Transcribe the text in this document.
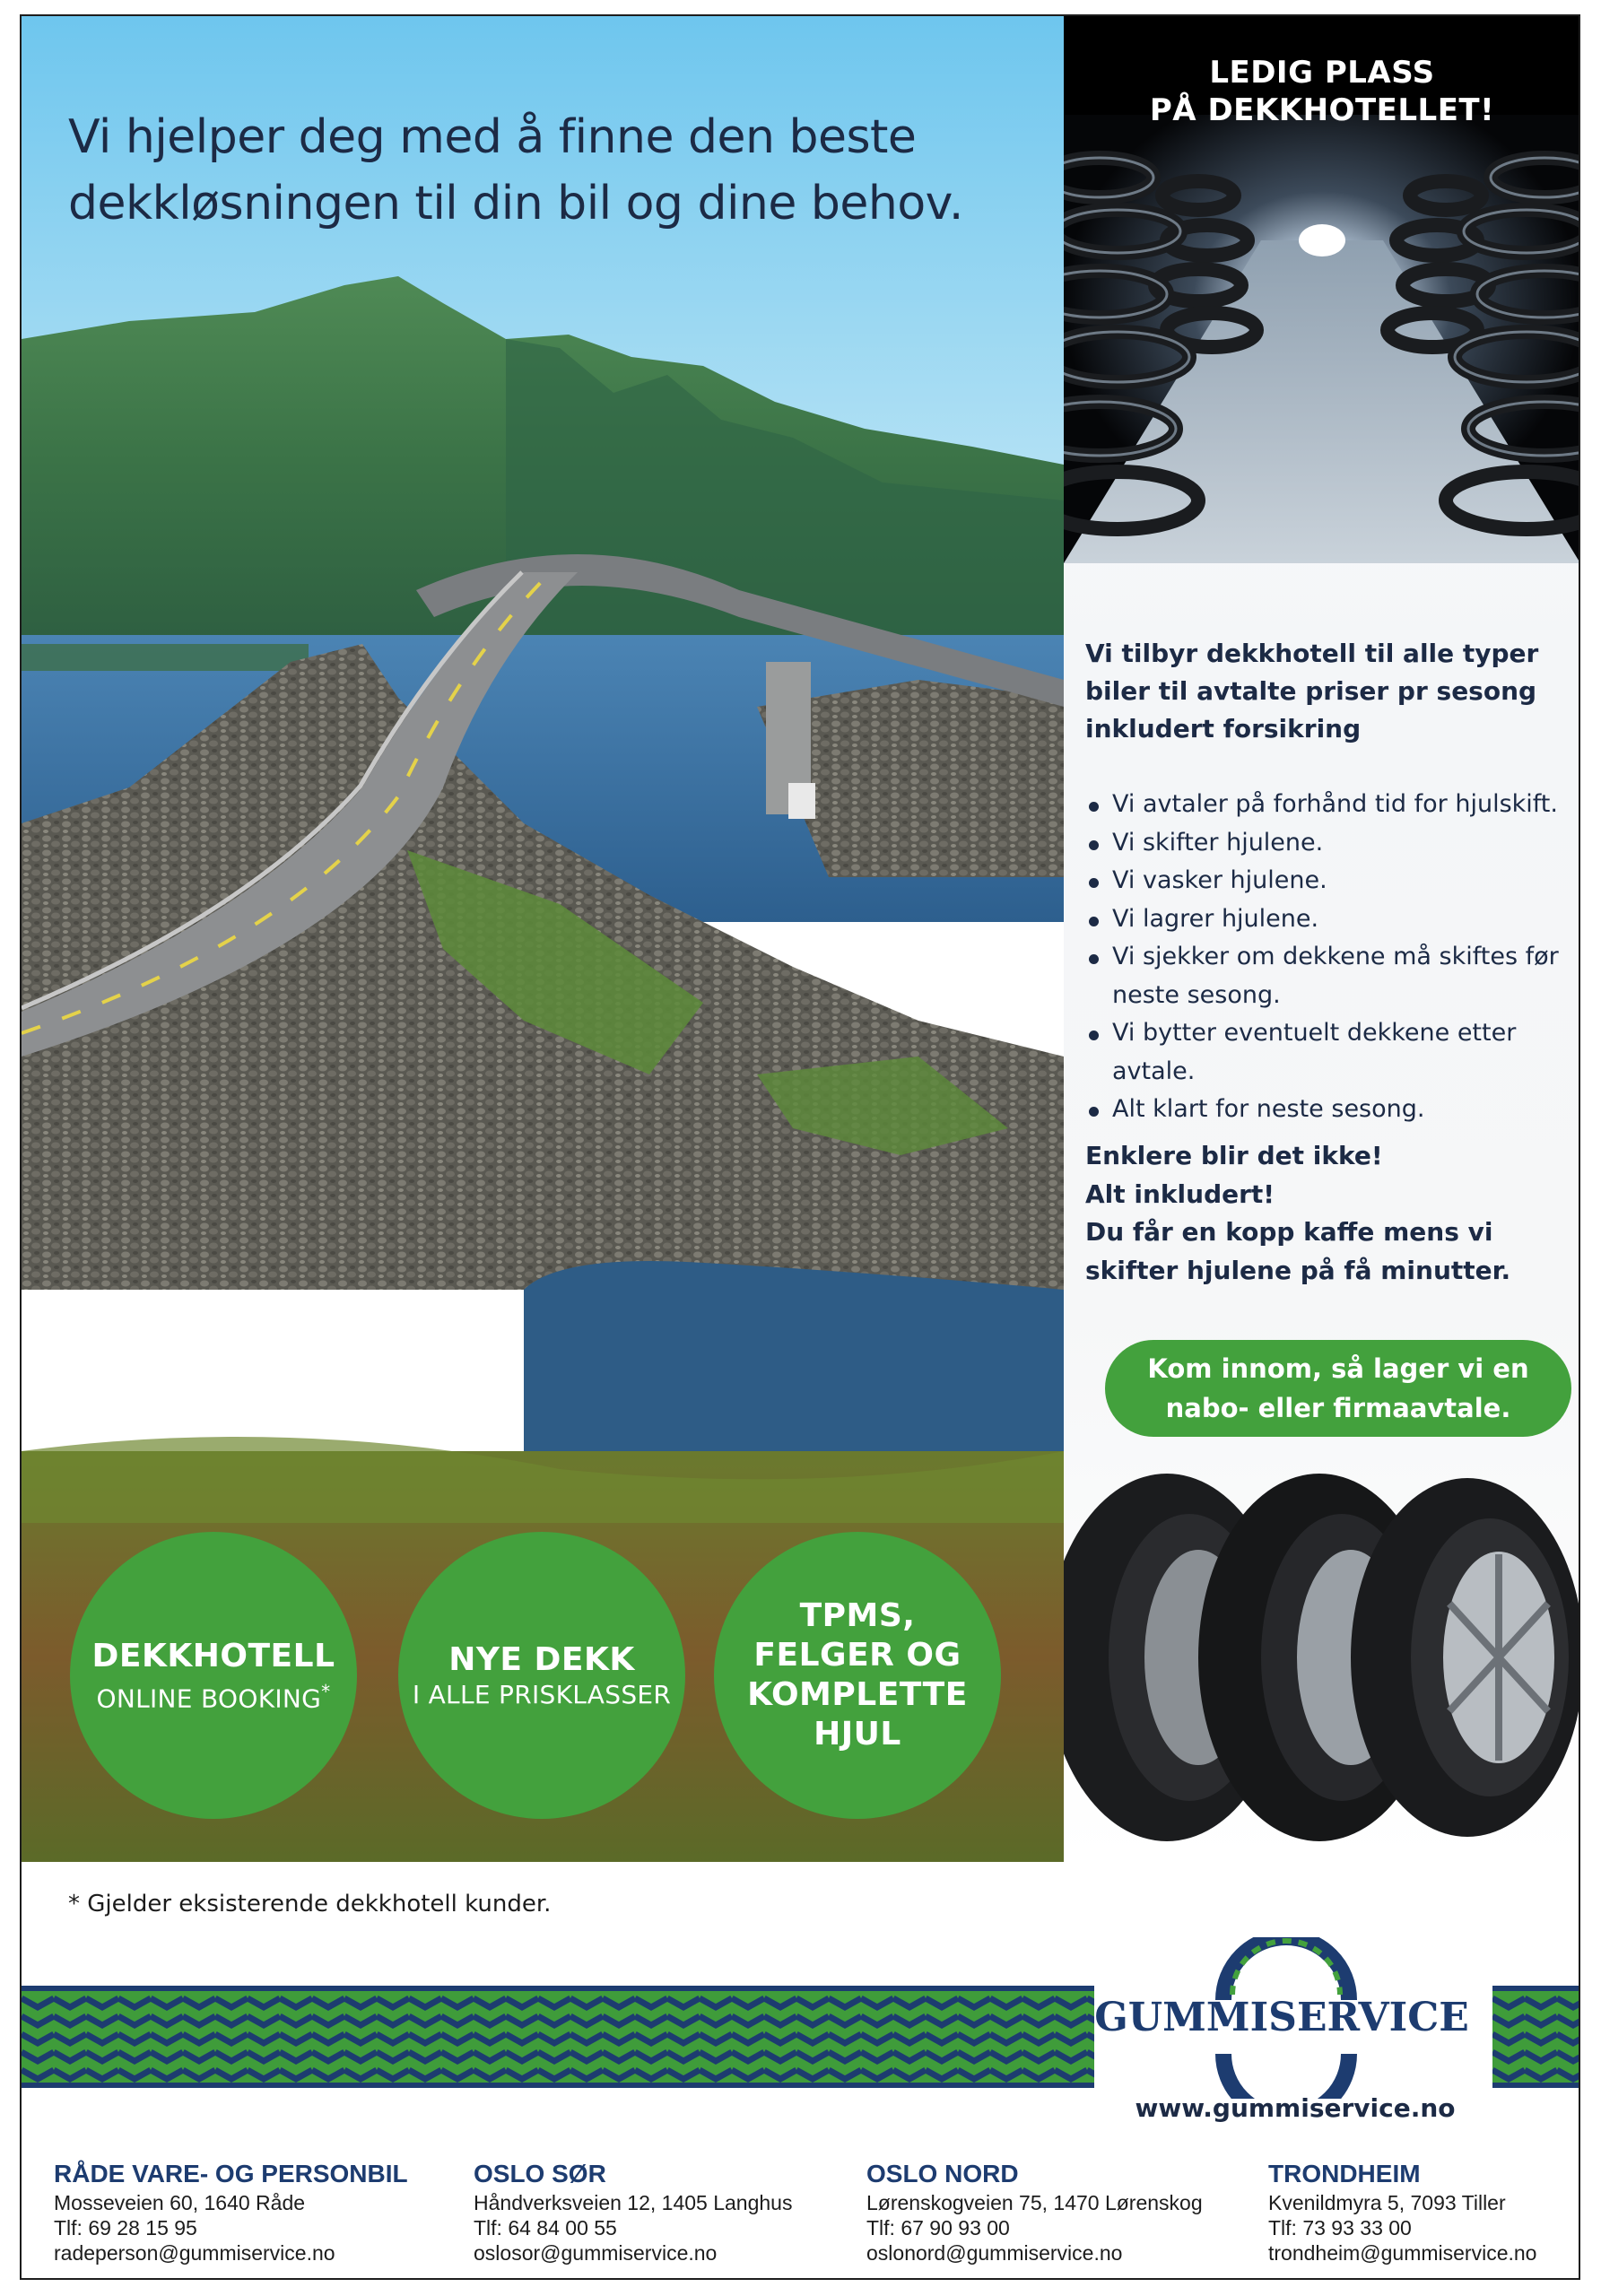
Vi hjelper deg med å finne den beste
dekkløsningen til din bil og dine behov.
DEKKHOTELL
ONLINE BOOKING*
NYE DEKK
I ALLE PRISKLASSER
TPMS,
FELGER OG
KOMPLETTE
HJUL
LEDIG PLASS
PÅ DEKKHOTELLET!
Vi tilbyr dekkhotell til alle typer biler til avtalte priser pr sesong inkludert forsikring
Vi avtaler på forhånd tid for hjulskift.
Vi skifter hjulene.
Vi vasker hjulene.
Vi lagrer hjulene.
Vi sjekker om dekkene må skiftes før neste sesong.
Vi bytter eventuelt dekkene etter avtale.
Alt klart for neste sesong.
Enklere blir det ikke!
Alt inkludert!
Du får en kopp kaffe mens vi
skifter hjulene på få minutter.
Kom innom, så lager vi en
nabo- eller firmaavtale.
* Gjelder eksisterende dekkhotell kunder.
GUMMISERVICE
www.gummiservice.no
RÅDE VARE- OG PERSONBIL
Mosseveien 60, 1640 Råde
Tlf: 69 28 15 95
radeperson@gummiservice.no
OSLO SØR
Håndverksveien 12, 1405 Langhus
Tlf: 64 84 00 55
oslosor@gummiservice.no
OSLO NORD
Lørenskogveien 75, 1470 Lørenskog
Tlf: 67 90 93 00
oslonord@gummiservice.no
TRONDHEIM
Kvenildmyra 5, 7093 Tiller
Tlf: 73 93 33 00
trondheim@gummiservice.no
